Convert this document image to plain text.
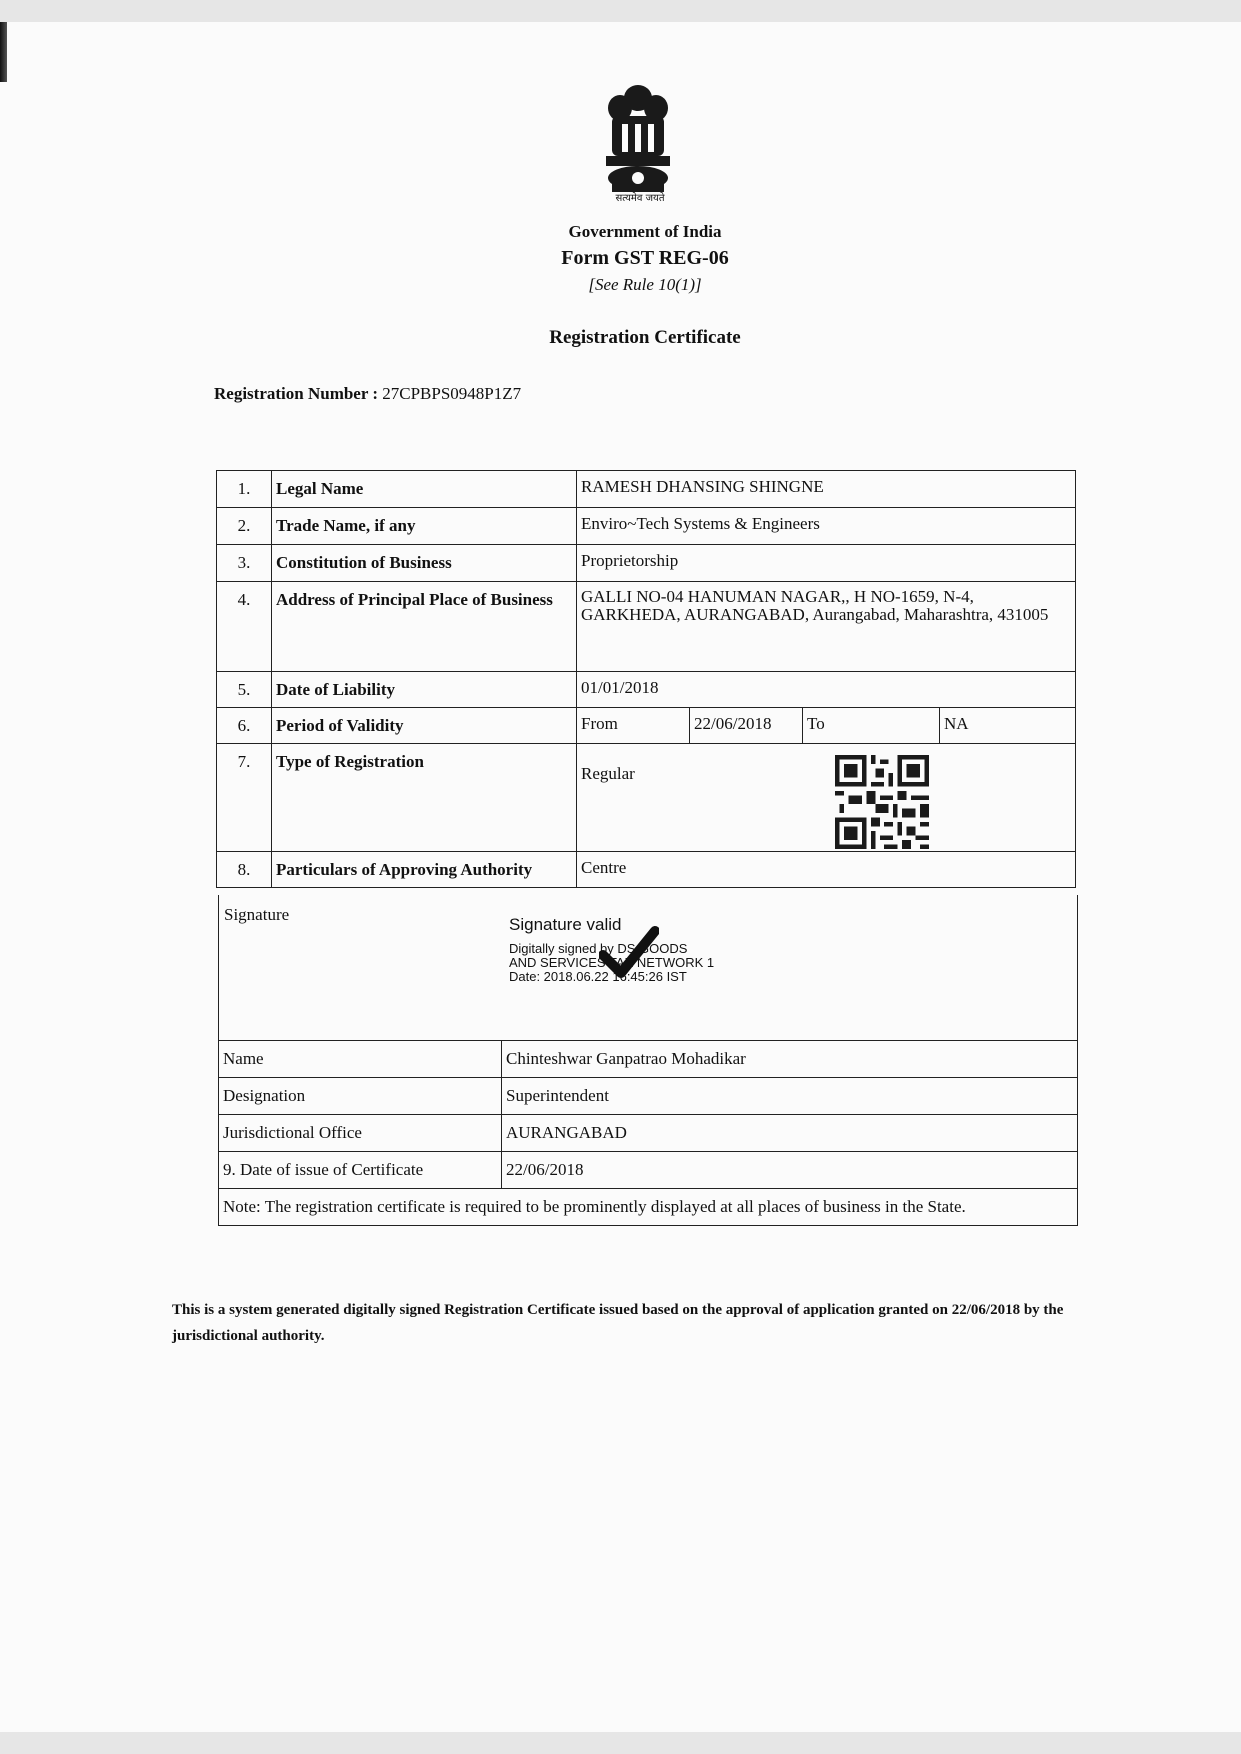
सत्यमेव जयते
Government of India
Form GST REG-06
[See Rule 10(1)]
Registration Certificate
Registration Number : 27CPBPS0948P1Z7
1.	Legal Name	RAMESH DHANSING SHINGNE			
2.	Trade Name, if any	Enviro~Tech Systems & Engineers			
3.	Constitution of Business	Proprietorship			
4.	Address of Principal Place of Business	GALLI NO-04 HANUMAN NAGAR,, H NO-1659, N-4, GARKHEDA, AURANGABAD, Aurangabad, Maharashtra, 431005			
5.	Date of Liability	01/01/2018			
6.	Period of Validity	From	22/06/2018	To	NA
7.	Type of Registration	Regular			
8.	Particulars of Approving Authority	Centre			
Signature
Signature valid
Digitally signed by DS GOODS
AND SERVICES TAX NETWORK 1
Date: 2018.06.22 16:45:26 IST
Name	Chinteshwar Ganpatrao Mohadikar
Designation	Superintendent
Jurisdictional Office	AURANGABAD
9. Date of issue of Certificate	22/06/2018
Note: The registration certificate is required to be prominently displayed at all places of business in the State.	
This is a system generated digitally signed Registration Certificate issued based on the approval of application granted on 22/06/2018 by the jurisdictional authority.
